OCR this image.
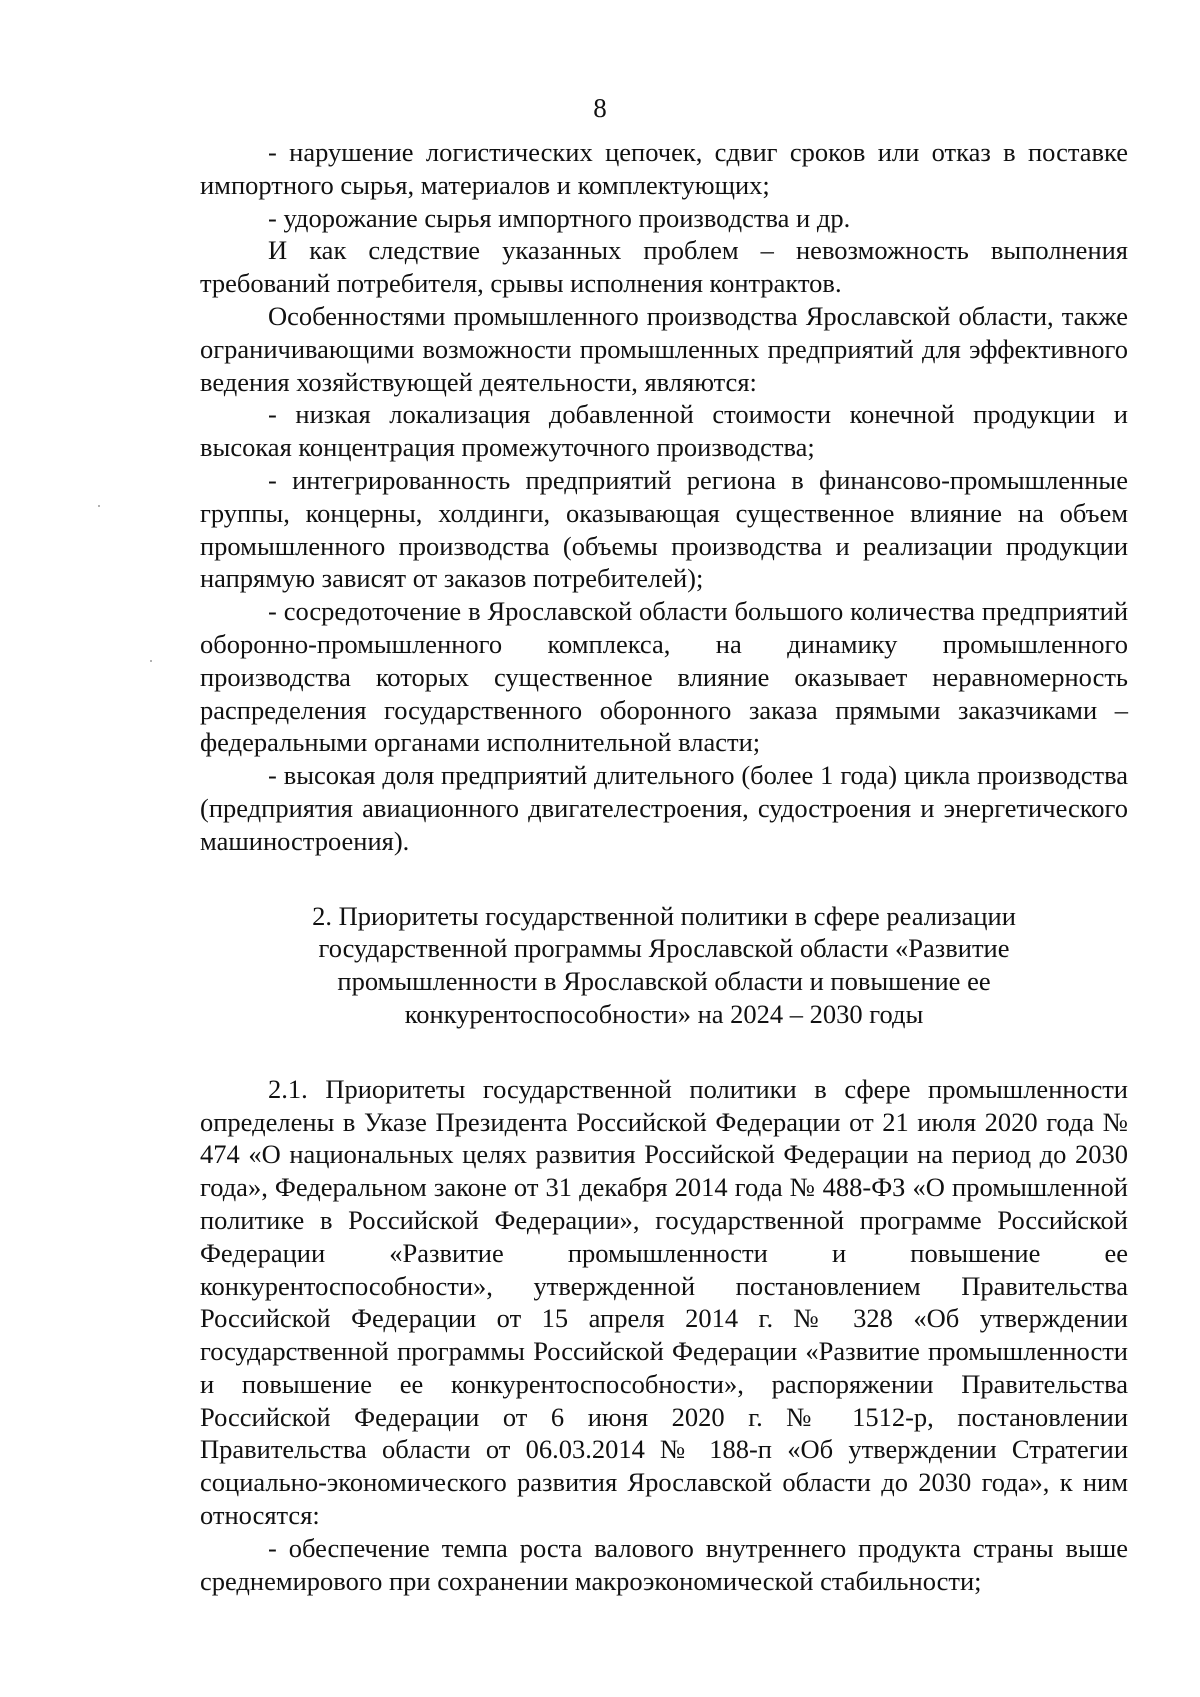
8

- нарушение логистических цепочек, сдвиг сроков или отказ в поставке импортного сырья, материалов и комплектующих;

- удорожание сырья импортного производства и др.

И как следствие указанных проблем – невозможность выполнения требований потребителя, срывы исполнения контрактов.

Особенностями промышленного производства Ярославской области, также ограничивающими возможности промышленных предприятий для эффективного ведения хозяйствующей деятельности, являются:

- низкая локализация добавленной стоимости конечной продукции и высокая концентрация промежуточного производства;

- интегрированность предприятий региона в финансово-промышленные группы, концерны, холдинги, оказывающая существенное влияние на объем промышленного производства (объемы производства и реализации продукции напрямую зависят от заказов потребителей);

- сосредоточение в Ярославской области большого количества предприятий оборонно-промышленного комплекса, на динамику промышленного производства которых существенное влияние оказывает неравномерность распределения государственного оборонного заказа прямыми заказчиками – федеральными органами исполнительной власти;

- высокая доля предприятий длительного (более 1 года) цикла производства (предприятия авиационного двигателестроения, судостроения и энергетического машиностроения).

2. Приоритеты государственной политики в сфере реализации государственной программы Ярославской области «Развитие промышленности в Ярославской области и повышение ее конкурентоспособности» на 2024 – 2030 годы

2.1. Приоритеты государственной политики в сфере промышленности определены в Указе Президента Российской Федерации от 21 июля 2020 года № 474 «О национальных целях развития Российской Федерации на период до 2030 года», Федеральном законе от 31 декабря 2014 года № 488-ФЗ «О промышленной политике в Российской Федерации», государственной программе Российской Федерации «Развитие промышленности и повышение ее конкурентоспособности», утвержденной постановлением Правительства Российской Федерации от 15 апреля 2014 г. № 328 «Об утверждении государственной программы Российской Федерации «Развитие промышленности и повышение ее конкурентоспособности», распоряжении Правительства Российской Федерации от 6 июня 2020 г. № 1512-р, постановлении Правительства области от 06.03.2014 № 188-п «Об утверждении Стратегии социально-экономического развития Ярославской области до 2030 года», к ним относятся:

- обеспечение темпа роста валового внутреннего продукта страны выше среднемирового при сохранении макроэкономической стабильности;
